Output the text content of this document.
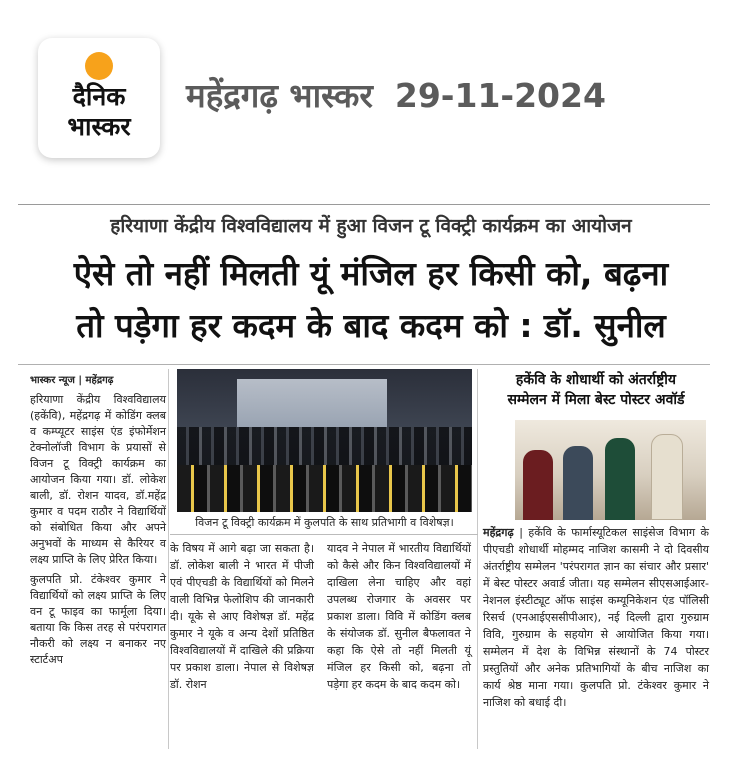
दैनिक
भास्कर
महेंद्रगढ़ भास्कर 29-11-2024
हरियाणा केंद्रीय विश्वविद्यालय में हुआ विजन टू विक्ट्री कार्यक्रम का आयोजन
ऐसे तो नहीं मिलती यूं मंजिल हर किसी को, बढ़ना
तो पड़ेगा हर कदम के बाद कदम को : डॉ. सुनील
भास्कर न्यूज | महेंद्रगढ़

हरियाणा केंद्रीय विश्वविद्यालय (हकेंवि), महेंद्रगढ़ में कोडिंग क्लब व कम्प्यूटर साइंस एंड इंफोर्मेशन टेक्नोलॉजी विभाग के प्रयासों से विजन टू विक्ट्री कार्यक्रम का आयोजन किया गया। डॉ. लोकेश बाली, डॉ. रोशन यादव, डॉ.महेंद्र कुमार व पदम राठौर ने विद्यार्थियों को संबोधित किया और अपने अनुभवों के माध्यम से कैरियर व लक्ष्य प्राप्ति के लिए प्रेरित किया।

कुलपति प्रो. टंकेश्वर कुमार ने विद्यार्थियों को लक्ष्य प्राप्ति के लिए वन टू फाइव का फार्मूला दिया। बताया कि किस तरह से परंपरागत नौकरी को लक्ष्य न बनाकर नए स्टार्टअप

विजन टू विक्ट्री कार्यक्रम में कुलपति के साथ प्रतिभागी व विशेषज्ञ।

के विषय में आगे बढ़ा जा सकता है। डॉ. लोकेश बाली ने भारत में पीजी एवं पीएचडी के विद्यार्थियों को मिलने वाली विभिन्न फेलोशिप की जानकारी दी। यूके से आए विशेषज्ञ डॉ. महेंद्र कुमार ने यूके व अन्य देशों प्रतिष्ठित विश्वविद्यालयों में दाखिले की प्रक्रिया पर प्रकाश डाला। नेपाल से विशेषज्ञ डॉ. रोशन

यादव ने नेपाल में भारतीय विद्यार्थियों को कैसे और किन विश्वविद्यालयों में दाखिला लेना चाहिए और वहां उपलब्ध रोजगार के अवसर पर प्रकाश डाला। विवि में कोडिंग क्लब के संयोजक डॉ. सुनील बैफलावत ने कहा कि ऐसे तो नहीं मिलती यूं मंजिल हर किसी को, बढ़ना तो पड़ेगा हर कदम के बाद कदम को।

हकेंवि के शोधार्थी को अंतर्राष्ट्रीय
सम्मेलन में मिला बेस्ट पोस्टर अवॉर्ड

महेंद्रगढ़ | हकेंवि के फार्मास्यूटिकल साइंसेज विभाग के पीएचडी शोधार्थी मोहम्मद नाजिश कासमी ने दो दिवसीय अंतर्राष्ट्रीय सम्मेलन 'परंपरागत ज्ञान का संचार और प्रसार' में बेस्ट पोस्टर अवार्ड जीता। यह सम्मेलन सीएसआईआर- नेशनल इंस्टीट्यूट ऑफ साइंस कम्यूनिकेशन एंड पॉलिसी रिसर्च (एनआईएससीपीआर), नई दिल्ली द्वारा गुरुग्राम विवि, गुरुग्राम के सहयोग से आयोजित किया गया। सम्मेलन में देश के विभिन्न संस्थानों के 74 पोस्टर प्रस्तुतियों और अनेक प्रतिभागियों के बीच नाजिश का कार्य श्रेष्ठ माना गया। कुलपति प्रो. टंकेश्वर कुमार ने नाजिश को बधाई दी।
